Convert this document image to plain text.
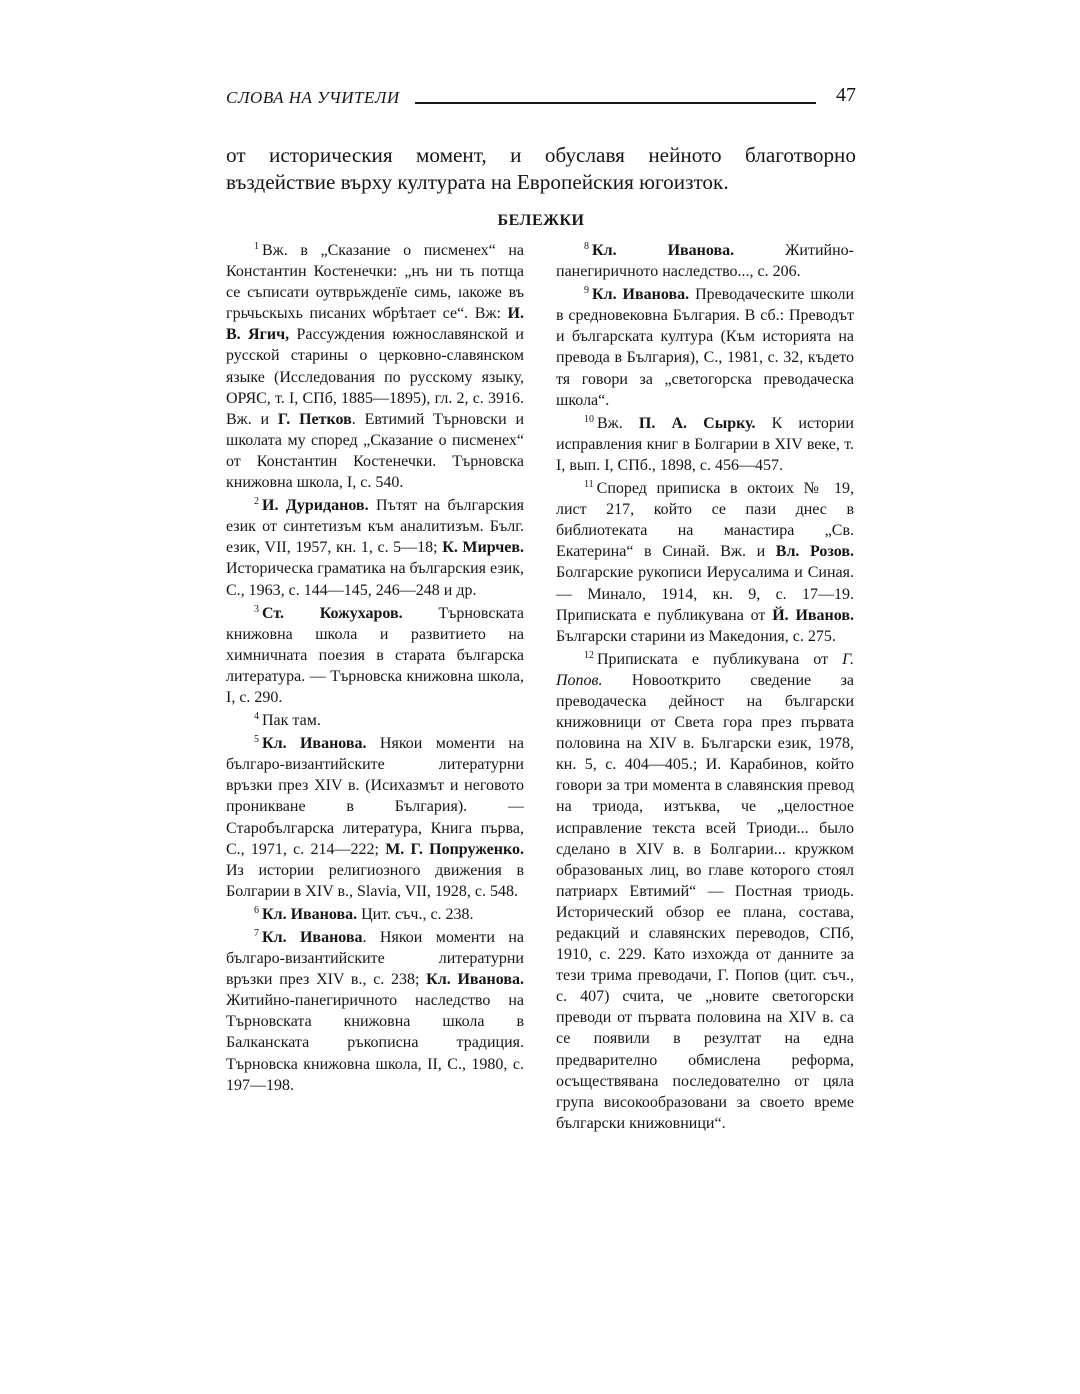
СЛОВА НА УЧИТЕЛИ	47

от историческия момент, и обуславя нейното благотворно въздействие върху културата на Европейския югоизток.

БЕЛЕЖКИ

$^1$ Вж. в „Сказание о писменех“ на Константин Костенечки: „нъ ни ть потща се съписати оутврьжденїе симь, ıакоже въ грьчьскыхь писаних ѡбрѣтает се“. Вж: И. В. Ягич, Рассуждения южнославянской и русской старины о церковно-славянском языке (Исследования по русскому языку, ОРЯС, т. I, СПб, 1885—1895), гл. 2, с. 3916. Вж. и Г. Петков. Евтимий Търновски и школата му според „Сказание о писменех“ от Константин Костенечки. Търновска книжовна школа, I, с. 540.

$^2$ И. Дуриданов. Пътят на българския език от синтетизъм към аналитизъм. Бълг. език, VII, 1957, кн. 1, с. 5—18; К. Мирчев. Историческа граматика на българския език, С., 1963, с. 144—145, 246—248 и др.

$^3$ Ст. Кожухаров. Търновската книжовна школа и развитието на химничната поезия в старата българска литература. — Търновска книжовна школа, I, с. 290.

$^4$ Пак там.

$^5$ Кл. Иванова. Някои моменти на българо-византийските литературни връзки през XIV в. (Исихазмът и неговото проникване в България). — Старобългарска литература, Книга първа, С., 1971, с. 214—222; М. Г. Попруженко. Из истории религиозного движения в Болгарии в XIV в., Slavia, VII, 1928, с. 548.

$^6$ Кл. Иванова. Цит. съч., с. 238.

$^7$ Кл. Иванова. Някои моменти на българо-византийските литературни връзки през XIV в., с. 238; Кл. Иванова. Житийно-панегиричното наследство на Търновската книжовна школа в Балканската ръкописна традиция. Търновска книжовна школа, II, С., 1980, с. 197—198.

$^8$ Кл. Иванова. Житийно-панегиричното наследство..., с. 206.

$^9$ Кл. Иванова. Преводаческите школи в средновековна България. В сб.: Преводът и българската култура (Към историята на превода в България), С., 1981, с. 32, където тя говори за „светогорска преводаческа школа“.

$^{10}$ Вж. П. А. Сырку. К истории исправления книг в Болгарии в XIV веке, т. I, вып. I, СПб., 1898, с. 456—457.

$^{11}$ Според приписка в октоих № 19, лист 217, който се пази днес в библиотеката на манастира „Св. Екатерина“ в Синай. Вж. и Вл. Розов. Болгарские рукописи Иерусалима и Синая. — Минало, 1914, кн. 9, с. 17—19. Приписката е публикувана от Й. Иванов. Български старини из Македония, с. 275.

$^{12}$ Приписката е публикувана от Г. Попов. Новооткрито сведение за преводаческа дейност на български книжовници от Света гора през първата половина на XIV в. Български език, 1978, кн. 5, с. 404—405.; И. Карабинов, който говори за три момента в славянския превод на триода, изтъква, че „целостное исправление текста всей Триоди... было сделано в XIV в. в Болгарии... кружком образованых лиц, во главе которого стоял патриарх Евтимий“ — Постная триодь. Исторический обзор ее плана, состава, редакций и славянских переводов, СПб, 1910, с. 229. Като изхожда от данните за тези трима преводачи, Г. Попов (цит. съч., с. 407) счита, че „новите светогорски преводи от първата половина на XIV в. са се появили в резултат на една предварително обмислена реформа, осъществявана последователно от цяла група високообразовани за своето време български книжовници“.
